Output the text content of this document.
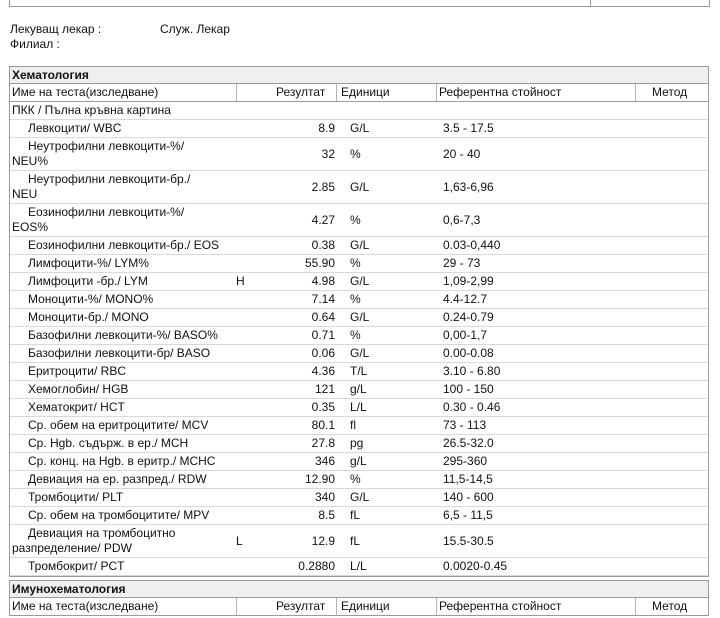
Лекуващ лекар :	Служ. Лекар
Филиал :
Хематология
Име на теста(изследване)	Резултат Единици	Референтна стойност	Метод
ПКК / Пълна кръвна картина
Левкоцити/ WBC	8.9 G/L	3.5 - 17.5
Неутрофилни левкоцити-%/
NEU%	32 %	20 - 40
Неутрофилни левкоцити-бр./
NEU	2.85 G/L	1,63-6,96
Еозинофилни левкоцити-%/
EOS%	4.27 %	0,6-7,3
Еозинофилни левкоцити-бр./ EOS	0.38 G/L	0.03-0,440
Лимфоцити-%/ LYM%	55.90 %	29 - 73
Лимфоцити -бр./ LYM	H	4.98 G/L	1,09-2,99
Моноцити-%/ MONO%	7.14 %	4.4-12.7
Моноцити-бр./ MONO	0.64 G/L	0.24-0.79
Базофилни левкоцити-%/ BASO%	0.71 %	0,00-1,7
Базофилни левкоцити-бр/ BASO	0.06 G/L	0.00-0.08
Еритроцити/ RBC	4.36 T/L	3.10 - 6.80
Хемоглобин/ HGB	121 g/L	100 - 150
Хематокрит/ HCT	0.35 L/L	0.30 - 0.46
Ср. обем на еритроцитите/ MCV	80.1 fl	73 - 113
Ср. Hgb. съдърж. в ер./ MCH	27.8 pg	26.5-32.0
Ср. конц. на Hgb. в еритр./ MCHC	346 g/L	295-360
Девиация на ер. разпред./ RDW	12.90 %	11,5-14,5
Тромбоцити/ PLT	340 G/L	140 - 600
Ср. обем на тромбоцитите/ MPV	8.5 fL	6,5 - 11,5
Девиация на тромбоцитно
разпределение/ PDW	L	12.9 fL	15.5-30.5
Тромбокрит/ PCT	0.2880 L/L	0.0020-0.45
Имунохематология
Име на теста(изследване)	Резултат Единици	Референтна стойност	Метод
